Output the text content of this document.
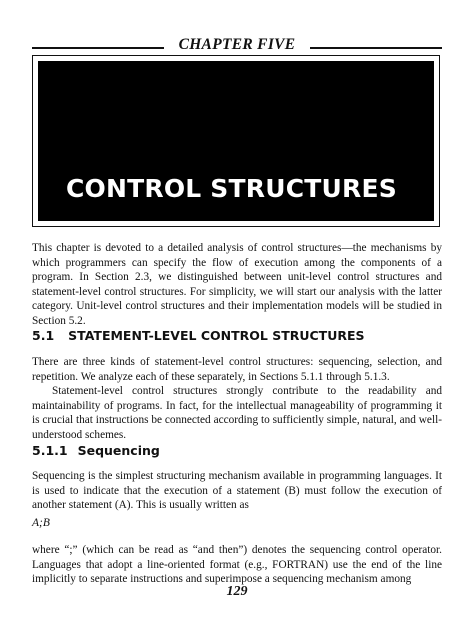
CHAPTER FIVE
CONTROL STRUCTURES

This chapter is devoted to a detailed analysis of control structures—the mechanisms by which programmers can specify the flow of execution among the components of a program. In Section 2.3, we distinguished between unit-level control structures and statement-level control structures. For simplicity, we will start our analysis with the latter category. Unit-level control structures and their implementation models will be studied in Section 5.2.

5.1 STATEMENT-LEVEL CONTROL STRUCTURES

There are three kinds of statement-level control structures: sequencing, selection, and repetition. We analyze each of these separately, in Sections 5.1.1 through 5.1.3.

Statement-level control structures strongly contribute to the readability and maintainability of programs. In fact, for the intellectual manageability of programming it is crucial that instructions be connected according to sufficiently simple, natural, and well-understood schemes.

5.1.1 Sequencing

Sequencing is the simplest structuring mechanism available in programming languages. It is used to indicate that the execution of a statement (B) must follow the execution of another statement (A). This is usually written as

A;B

where “;” (which can be read as “and then”) denotes the sequencing control operator. Languages that adopt a line-oriented format (e.g., FORTRAN) use the end of the line implicitly to separate instructions and superimpose a sequencing mechanism among

129
